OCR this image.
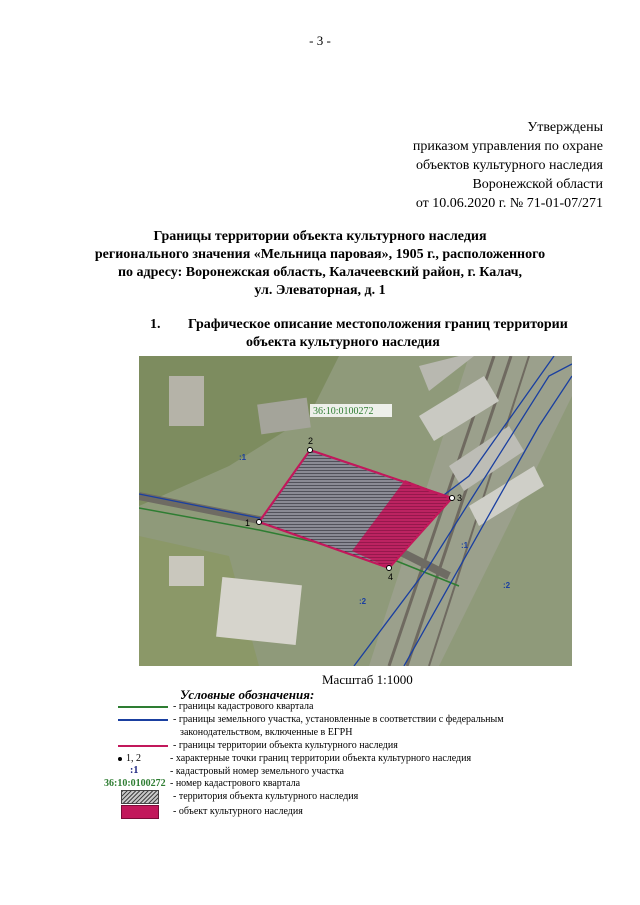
- 3 -
Утверждены
приказом управления по охране
объектов культурного наследия
Воронежской области
от 10.06.2020 г. № 71-01-07/271
Границы территории объекта культурного наследия
регионального значения «Мельница паровая», 1905 г., расположенного
по адресу: Воронежская область, Калачеевский район, г. Калач,
ул. Элеваторная, д. 1
1. Графическое описание местоположения границ территории
объекта культурного наследия
1
2
3
4
36:10:0100272
:1
:1
:2
:2
Масштаб 1:1000
Условные обозначения:
- границы кадастрового квартала
- границы земельного участка, установленные в соответствии с федеральным
законодательством, включенные в ЕГРН
- границы территории объекта культурного наследия
1, 2	- характерные точки границ территории объекта культурного наследия
:1	- кадастровый номер земельного участка
36:10:0100272 - номер кадастрового квартала
- территория объекта культурного наследия
- объект культурного наследия
